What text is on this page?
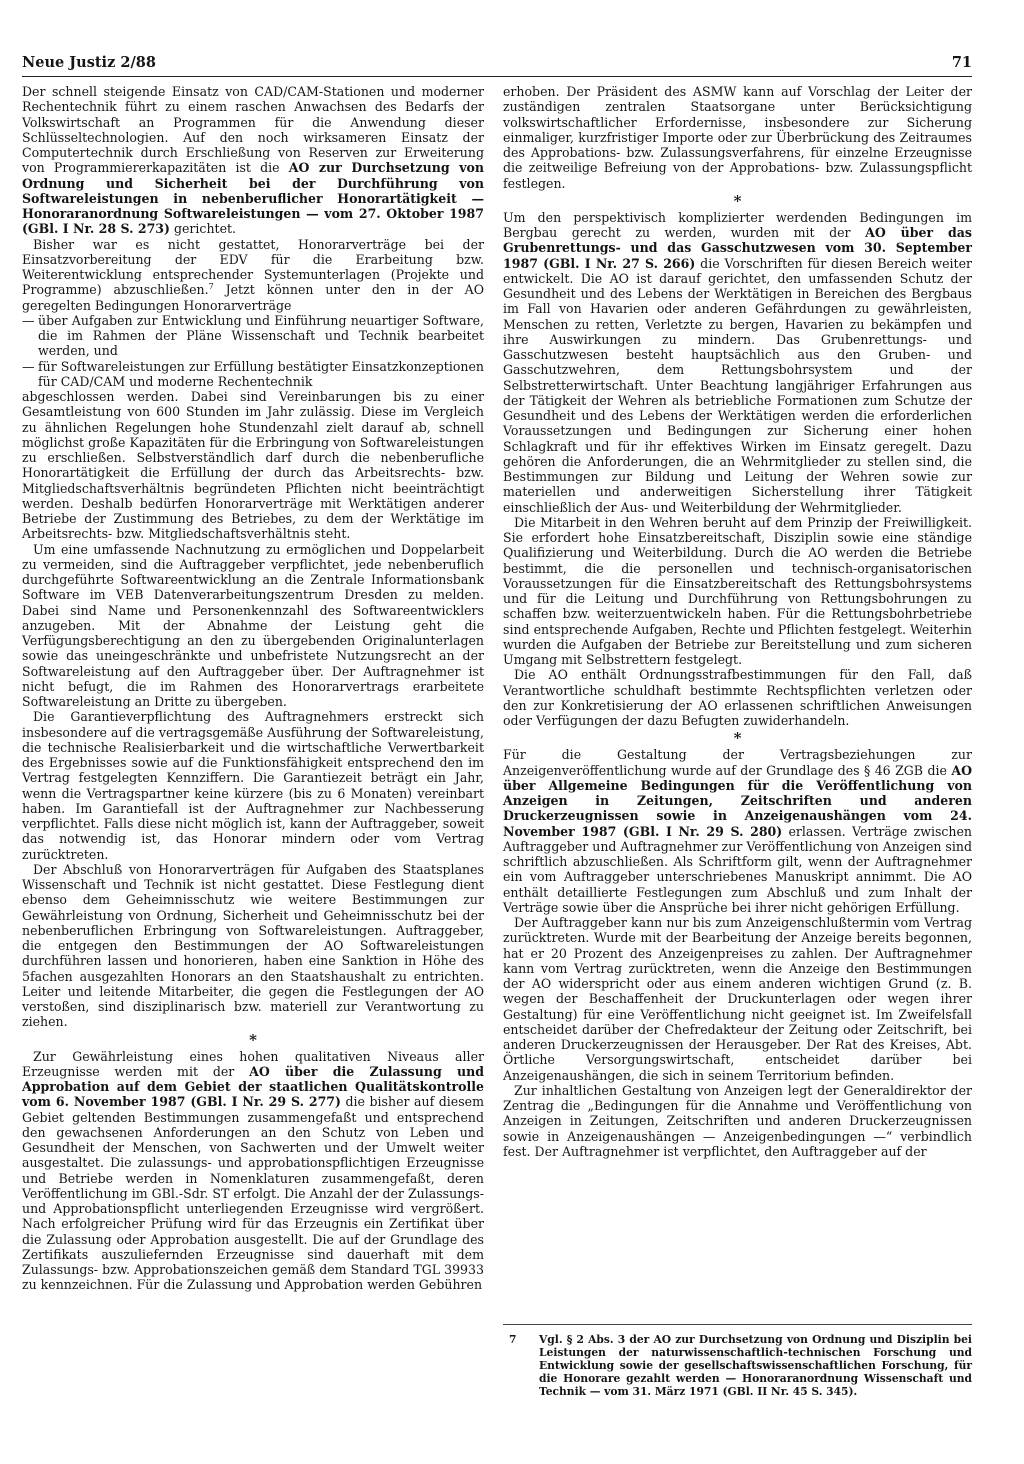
Neue Justiz 2/88	71

Der schnell steigende Einsatz von CAD/CAM-Stationen und moderner Rechentechnik führt zu einem raschen Anwachsen des Bedarfs der Volkswirtschaft an Programmen für die Anwendung dieser Schlüsseltechnologien. Auf den noch wirksameren Einsatz der Computertechnik durch Erschließung von Reserven zur Erweiterung von Programmiererkapazitäten ist die AO zur Durchsetzung von Ordnung und Sicherheit bei der Durchführung von Softwareleistungen in nebenberuflicher Honorartätigkeit — Honoraranordnung Softwareleistungen — vom 27. Oktober 1987 (GBl. I Nr. 28 S. 273) gerichtet.

Bisher war es nicht gestattet, Honorarverträge bei der Einsatzvorbereitung der EDV für die Erarbeitung bzw. Weiterentwicklung entsprechender Systemunterlagen (Projekte und Programme) abzuschließen.$^7$ Jetzt können unter den in der AO geregelten Bedingungen Honorarverträge

— über Aufgaben zur Entwicklung und Einführung neuartiger Software, die im Rahmen der Pläne Wissenschaft und Technik bearbeitet werden, und
— für Softwareleistungen zur Erfüllung bestätigter Einsatzkonzeptionen für CAD/CAM und moderne Rechentechnik

abgeschlossen werden. Dabei sind Vereinbarungen bis zu einer Gesamtleistung von 600 Stunden im Jahr zulässig. Diese im Vergleich zu ähnlichen Regelungen hohe Stundenzahl zielt darauf ab, schnell möglichst große Kapazitäten für die Erbringung von Softwareleistungen zu erschließen. Selbstverständlich darf durch die nebenberufliche Honorartätigkeit die Erfüllung der durch das Arbeitsrechts- bzw. Mitgliedschaftsverhältnis begründeten Pflichten nicht beeinträchtigt werden. Deshalb bedürfen Honorarverträge mit Werktätigen anderer Betriebe der Zustimmung des Betriebes, zu dem der Werktätige im Arbeitsrechts- bzw. Mitgliedschaftsverhältnis steht.

Um eine umfassende Nachnutzung zu ermöglichen und Doppelarbeit zu vermeiden, sind die Auftraggeber verpflichtet, jede nebenberuflich durchgeführte Softwareentwicklung an die Zentrale Informationsbank Software im VEB Datenverarbeitungszentrum Dresden zu melden. Dabei sind Name und Personenkennzahl des Softwareentwicklers anzugeben. Mit der Abnahme der Leistung geht die Verfügungsberechtigung an den zu übergebenden Originalunterlagen sowie das uneingeschränkte und unbefristete Nutzungsrecht an der Softwareleistung auf den Auftraggeber über. Der Auftragnehmer ist nicht befugt, die im Rahmen des Honorarvertrags erarbeitete Softwareleistung an Dritte zu übergeben.

Die Garantieverpflichtung des Auftragnehmers erstreckt sich insbesondere auf die vertragsgemäße Ausführung der Softwareleistung, die technische Realisierbarkeit und die wirtschaftliche Verwertbarkeit des Ergebnisses sowie auf die Funktionsfähigkeit entsprechend den im Vertrag festgelegten Kennziffern. Die Garantiezeit beträgt ein Jahr, wenn die Vertragspartner keine kürzere (bis zu 6 Monaten) vereinbart haben. Im Garantiefall ist der Auftragnehmer zur Nachbesserung verpflichtet. Falls diese nicht möglich ist, kann der Auftraggeber, soweit das notwendig ist, das Honorar mindern oder vom Vertrag zurücktreten.

Der Abschluß von Honorarverträgen für Aufgaben des Staatsplanes Wissenschaft und Technik ist nicht gestattet. Diese Festlegung dient ebenso dem Geheimnisschutz wie weitere Bestimmungen zur Gewährleistung von Ordnung, Sicherheit und Geheimnisschutz bei der nebenberuflichen Erbringung von Softwareleistungen. Auftraggeber, die entgegen den Bestimmungen der AO Softwareleistungen durchführen lassen und honorieren, haben eine Sanktion in Höhe des 5fachen ausgezahlten Honorars an den Staatshaushalt zu entrichten. Leiter und leitende Mitarbeiter, die gegen die Festlegungen der AO verstoßen, sind disziplinarisch bzw. materiell zur Verantwortung zu ziehen.

*

Zur Gewährleistung eines hohen qualitativen Niveaus aller Erzeugnisse werden mit der AO über die Zulassung und Approbation auf dem Gebiet der staatlichen Qualitätskontrolle vom 6. November 1987 (GBl. I Nr. 29 S. 277) die bisher auf diesem Gebiet geltenden Bestimmungen zusammengefaßt und entsprechend den gewachsenen Anforderungen an den Schutz von Leben und Gesundheit der Menschen, von Sachwerten und der Umwelt weiter ausgestaltet. Die zulassungs- und approbationspflichtigen Erzeugnisse und Betriebe werden in Nomenklaturen zusammengefaßt, deren Veröffentlichung im GBl.-Sdr. ST erfolgt. Die Anzahl der der Zulassungs- und Approbationspflicht unterliegenden Erzeugnisse wird vergrößert. Nach erfolgreicher Prüfung wird für das Erzeugnis ein Zertifikat über die Zulassung oder Approbation ausgestellt. Die auf der Grundlage des Zertifikats auszuliefernden Erzeugnisse sind dauerhaft mit dem Zulassungs- bzw. Approbationszeichen gemäß dem Standard TGL 39933 zu kennzeichnen. Für die Zulassung und Approbation werden Gebühren

erhoben. Der Präsident des ASMW kann auf Vorschlag der Leiter der zuständigen zentralen Staatsorgane unter Berücksichtigung volkswirtschaftlicher Erfordernisse, insbesondere zur Sicherung einmaliger, kurzfristiger Importe oder zur Überbrückung des Zeitraumes des Approbations- bzw. Zulassungsverfahrens, für einzelne Erzeugnisse die zeitweilige Befreiung von der Approbations- bzw. Zulassungspflicht festlegen.

*

Um den perspektivisch komplizierter werdenden Bedingungen im Bergbau gerecht zu werden, wurden mit der AO über das Grubenrettungs- und das Gasschutzwesen vom 30. September 1987 (GBl. I Nr. 27 S. 266) die Vorschriften für diesen Bereich weiter entwickelt. Die AO ist darauf gerichtet, den umfassenden Schutz der Gesundheit und des Lebens der Werktätigen in Bereichen des Bergbaus im Fall von Havarien oder anderen Gefährdungen zu gewährleisten, Menschen zu retten, Verletzte zu bergen, Havarien zu bekämpfen und ihre Auswirkungen zu mindern. Das Grubenrettungs- und Gasschutzwesen besteht hauptsächlich aus den Gruben- und Gasschutzwehren, dem Rettungsbohrsystem und der Selbstretterwirtschaft. Unter Beachtung langjähriger Erfahrungen aus der Tätigkeit der Wehren als betriebliche Formationen zum Schutze der Gesundheit und des Lebens der Werktätigen werden die erforderlichen Voraussetzungen und Bedingungen zur Sicherung einer hohen Schlagkraft und für ihr effektives Wirken im Einsatz geregelt. Dazu gehören die Anforderungen, die an Wehrmitglieder zu stellen sind, die Bestimmungen zur Bildung und Leitung der Wehren sowie zur materiellen und anderweitigen Sicherstellung ihrer Tätigkeit einschließlich der Aus- und Weiterbildung der Wehrmitglieder.

Die Mitarbeit in den Wehren beruht auf dem Prinzip der Freiwilligkeit. Sie erfordert hohe Einsatzbereitschaft, Disziplin sowie eine ständige Qualifizierung und Weiterbildung. Durch die AO werden die Betriebe bestimmt, die die personellen und technisch-organisatorischen Voraussetzungen für die Einsatzbereitschaft des Rettungsbohrsystems und für die Leitung und Durchführung von Rettungsbohrungen zu schaffen bzw. weiterzuentwickeln haben. Für die Rettungsbohrbetriebe sind entsprechende Aufgaben, Rechte und Pflichten festgelegt. Weiterhin wurden die Aufgaben der Betriebe zur Bereitstellung und zum sicheren Umgang mit Selbstrettern festgelegt.

Die AO enthält Ordnungsstrafbestimmungen für den Fall, daß Verantwortliche schuldhaft bestimmte Rechtspflichten verletzen oder den zur Konkretisierung der AO erlassenen schriftlichen Anweisungen oder Verfügungen der dazu Befugten zuwiderhandeln.

*

Für die Gestaltung der Vertragsbeziehungen zur Anzeigenveröffentlichung wurde auf der Grundlage des § 46 ZGB die AO über Allgemeine Bedingungen für die Veröffentlichung von Anzeigen in Zeitungen, Zeitschriften und anderen Druckerzeugnissen sowie in Anzeigenaushängen vom 24. November 1987 (GBl. I Nr. 29 S. 280) erlassen. Verträge zwischen Auftraggeber und Auftragnehmer zur Veröffentlichung von Anzeigen sind schriftlich abzuschließen. Als Schriftform gilt, wenn der Auftragnehmer ein vom Auftraggeber unterschriebenes Manuskript annimmt. Die AO enthält detaillierte Festlegungen zum Abschluß und zum Inhalt der Verträge sowie über die Ansprüche bei ihrer nicht gehörigen Erfüllung.

Der Auftraggeber kann nur bis zum Anzeigenschlußtermin vom Vertrag zurücktreten. Wurde mit der Bearbeitung der Anzeige bereits begonnen, hat er 20 Prozent des Anzeigenpreises zu zahlen. Der Auftragnehmer kann vom Vertrag zurücktreten, wenn die Anzeige den Bestimmungen der AO widerspricht oder aus einem anderen wichtigen Grund (z. B. wegen der Beschaffenheit der Druckunterlagen oder wegen ihrer Gestaltung) für eine Veröffentlichung nicht geeignet ist. Im Zweifelsfall entscheidet darüber der Chefredakteur der Zeitung oder Zeitschrift, bei anderen Druckerzeugnissen der Herausgeber. Der Rat des Kreises, Abt. Örtliche Versorgungswirtschaft, entscheidet darüber bei Anzeigenaushängen, die sich in seinem Territorium befinden.

Zur inhaltlichen Gestaltung von Anzeigen legt der Generaldirektor der Zentrag die „Bedingungen für die Annahme und Veröffentlichung von Anzeigen in Zeitungen, Zeitschriften und anderen Druckerzeugnissen sowie in Anzeigenaushängen — Anzeigenbedingungen —“ verbindlich fest. Der Auftragnehmer ist verpflichtet, den Auftraggeber auf der

7	Vgl. § 2 Abs. 3 der AO zur Durchsetzung von Ordnung und Disziplin bei Leistungen der naturwissenschaftlich-technischen Forschung und Entwicklung sowie der gesellschaftswissenschaftlichen Forschung, für die Honorare gezahlt werden — Honoraranordnung Wissenschaft und Technik — vom 31. März 1971 (GBl. II Nr. 45 S. 345).
